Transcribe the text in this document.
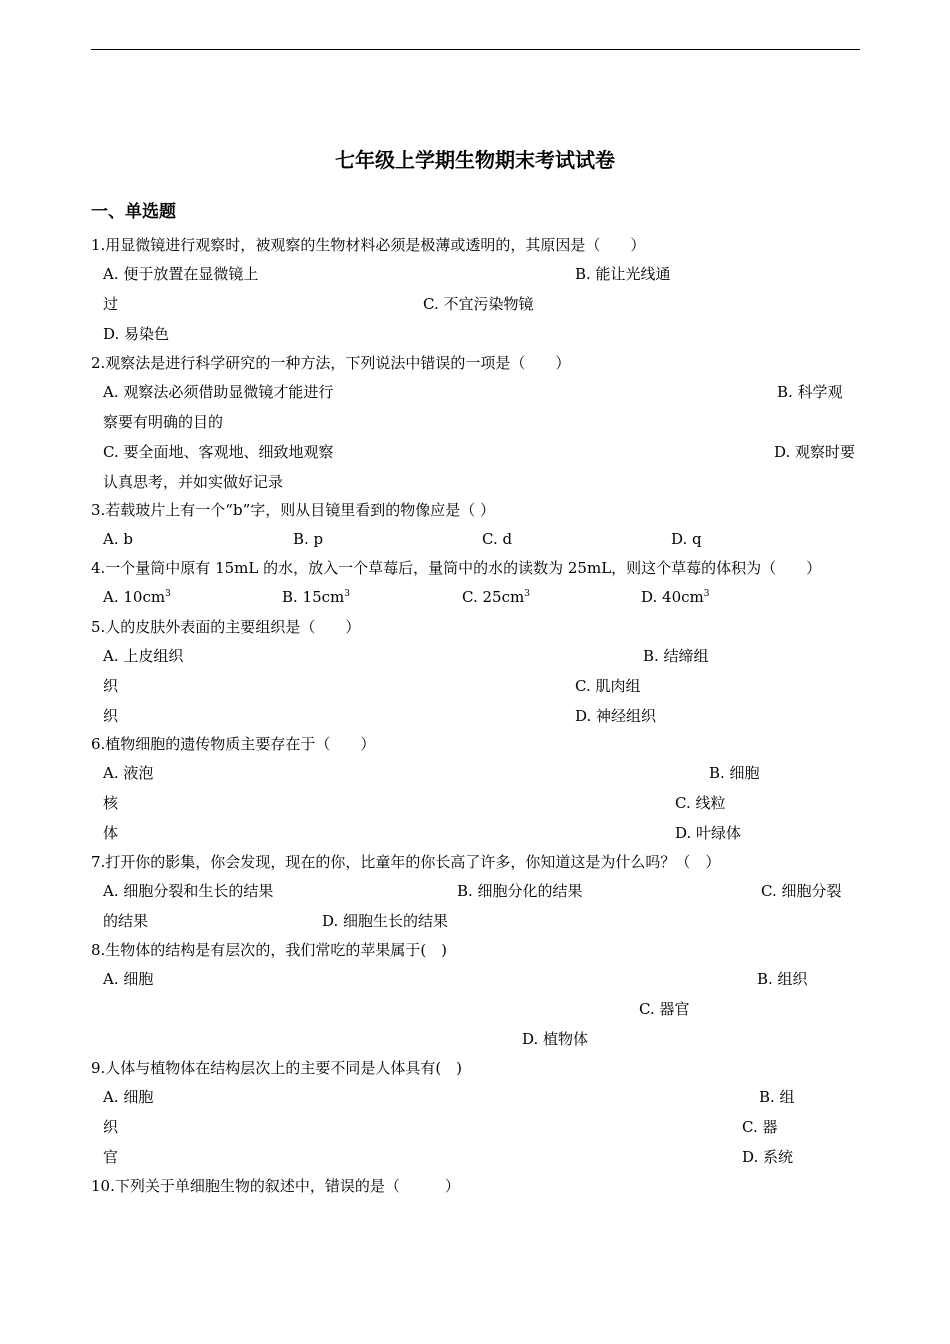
七年级上学期生物期末考试试卷
一、单选题
1.用显微镜进行观察时，被观察的生物材料必须是极薄或透明的，其原因是（　　）
A. 便于放置在显微镜上	B. 能让光线通
过	C. 不宜污染物镜
D. 易染色
2.观察法是进行科学研究的一种方法，下列说法中错误的一项是（　　）
A. 观察法必须借助显微镜才能进行	B. 科学观
察要有明确的目的
C. 要全面地、客观地、细致地观察	D. 观察时要
认真思考，并如实做好记录
3.若载玻片上有一个“b”字，则从目镜里看到的物像应是（ ）
A. b	B. p	C. d	D. q
4.一个量筒中原有 15mL 的水，放入一个草莓后，量筒中的水的读数为 25mL，则这个草莓的体积为（　　）
A. $10cm^3$	B. $15cm^3$	C. $25cm^3$	D. $40cm^3$
5.人的皮肤外表面的主要组织是（　　）
A. 上皮组织	B. 结缔组
织	C. 肌肉组
织	D. 神经组织
6.植物细胞的遗传物质主要存在于（　　）
A. 液泡	B. 细胞
核	C. 线粒
体	D. 叶绿体
7.打开你的影集，你会发现，现在的你，比童年的你长高了许多，你知道这是为什么吗？（　）
A. 细胞分裂和生长的结果	B. 细胞分化的结果	C. 细胞分裂
的结果	D. 细胞生长的结果
8.生物体的结构是有层次的，我们常吃的苹果属于(　)
A. 细胞	B. 组织
C. 器官
D. 植物体
9.人体与植物体在结构层次上的主要不同是人体具有(　)
A. 细胞	B. 组
织	C. 器
官	D. 系统
10.下列关于单细胞生物的叙述中，错误的是（　　　）
